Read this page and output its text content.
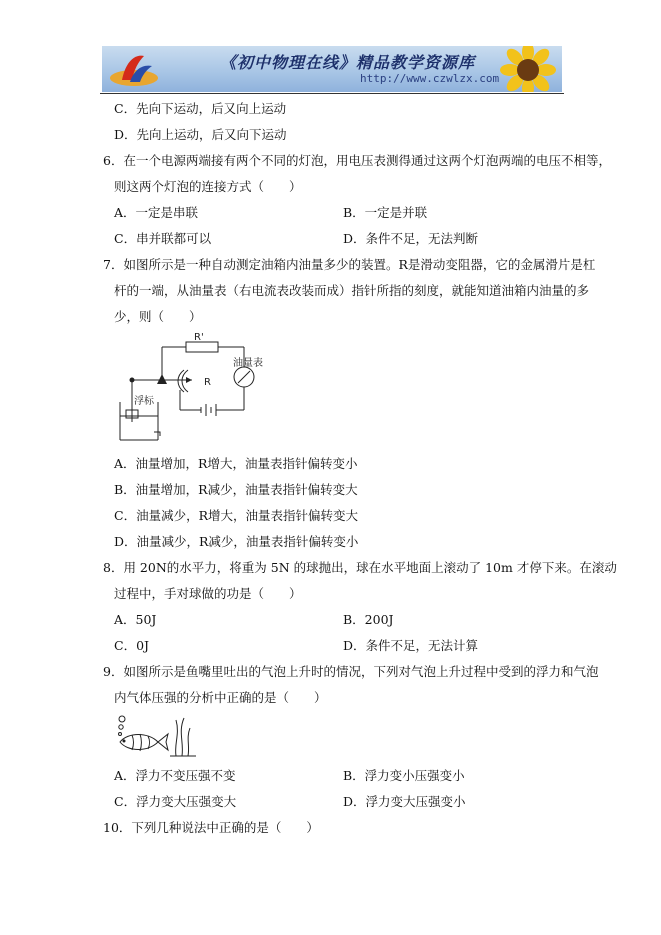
《初中物理在线》精品教学资源库
http://www.czwlzx.com
C．先向下运动，后又向上运动
D．先向上运动，后又向下运动
6．在一个电源两端接有两个不同的灯泡，用电压表测得通过这两个灯泡两端的电压不相等，
则这两个灯泡的连接方式（　　）
A．一定是串联	B．一定是并联
C．串并联都可以	D．条件不足，无法判断
7．如图所示是一种自动测定油箱内油量多少的装置。R是滑动变阻器，它的金属滑片是杠
杆的一端，从油量表（右电流表改装而成）指针所指的刻度，就能知道油箱内油量的多
少，则（　　）
R'
R
油量表
浮标
A．油量增加，R增大，油量表指针偏转变小
B．油量增加，R减少，油量表指针偏转变大
C．油量减少，R增大，油量表指针偏转变大
D．油量减少，R减少，油量表指针偏转变小
8．用 20N的水平力，将重为 5N 的球抛出，球在水平地面上滚动了 10m 才停下来。在滚动
过程中，手对球做的功是（　　）
A．50J	B．200J
C．0J	D．条件不足，无法计算
9．如图所示是鱼嘴里吐出的气泡上升时的情况，下列对气泡上升过程中受到的浮力和气泡
内气体压强的分析中正确的是（　　）
A．浮力不变压强不变	B．浮力变小压强变小
C．浮力变大压强变大	D．浮力变大压强变小
10．下列几种说法中正确的是（　　）
